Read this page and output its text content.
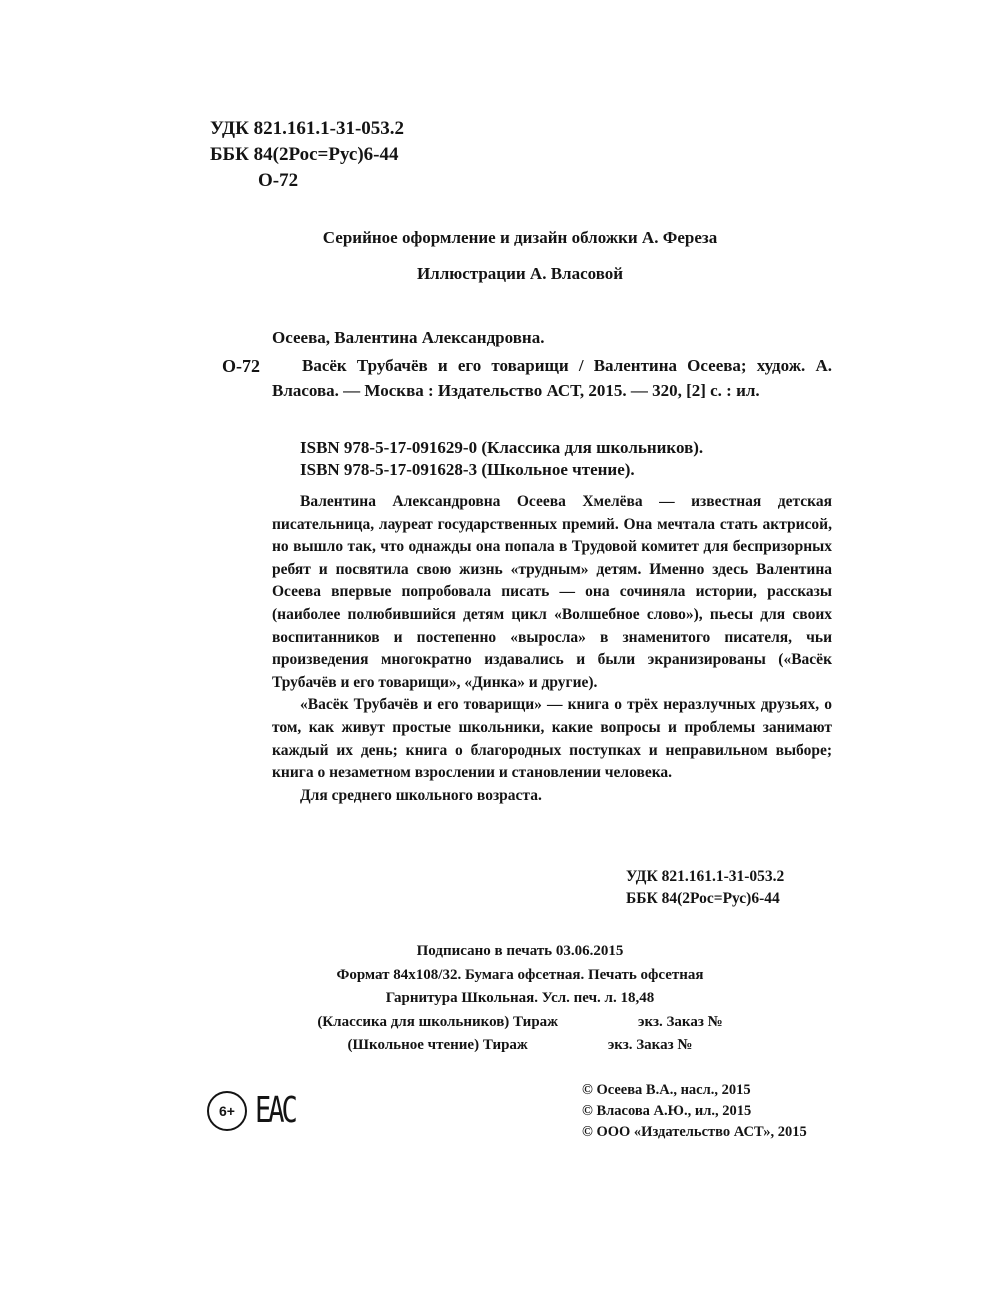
УДК 821.161.1-31-053.2
ББК 84(2Рос=Рус)6-44
О-72
Серийное оформление и дизайн обложки А. Фереза
Иллюстрации А. Власовой
Осеева, Валентина Александровна.
О-72	Васёк Трубачёв и его товарищи / Валентина Осеева; худож. А. Власова. — Москва : Издательство АСТ, 2015. — 320, [2] с. : ил.
ISBN 978-5-17-091629-0 (Классика для школьников).
ISBN 978-5-17-091628-3 (Школьное чтение).

Валентина Александровна Осеева Хмелёва — известная детская писательница, лауреат государственных премий. Она мечтала стать актрисой, но вышло так, что однажды она попала в Трудовой комитет для беспризорных ребят и посвятила свою жизнь «трудным» детям. Именно здесь Валентина Осеева впервые попробовала писать — она сочиняла истории, рассказы (наиболее полюбившийся детям цикл «Волшебное слово»), пьесы для своих воспитанников и постепенно «выросла» в знаменитого писателя, чьи произведения многократно издавались и были экранизированы («Васёк Трубачёв и его товарищи», «Динка» и другие).

«Васёк Трубачёв и его товарищи» — книга о трёх неразлучных друзьях, о том, как живут простые школьники, какие вопросы и проблемы занимают каждый их день; книга о благородных поступках и неправильном выборе; книга о незаметном взрослении и становлении человека.

Для среднего школьного возраста.

УДК 821.161.1-31-053.2
ББК 84(2Рос=Рус)6-44
Подписано в печать 03.06.2015
Формат 84x108/32. Бумага офсетная. Печать офсетная
Гарнитура Школьная. Усл. печ. л. 18,48
(Классика для школьников) Тираж	экз. Заказ №
(Школьное чтение) Тираж	экз. Заказ №
6+ EAC	© Осеева В.А., насл., 2015
© Власова А.Ю., ил., 2015
© ООО «Издательство АСТ», 2015
